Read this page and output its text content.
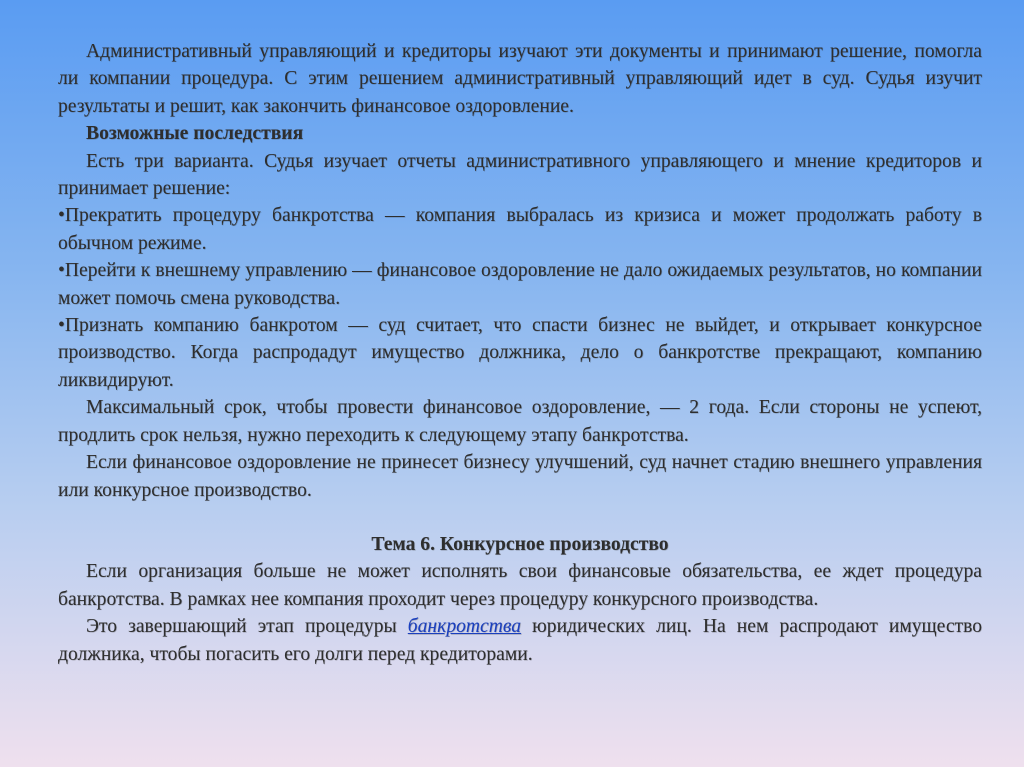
Административный управляющий и кредиторы изучают эти документы и принимают решение, помогла ли компании процедура. С этим решением административный управляющий идет в суд. Судья изучит результаты и решит, как закончить финансовое оздоровление.

Возможные последствия

Есть три варианта. Судья изучает отчеты административного управляющего и мнение кредиторов и принимает решение:

•Прекратить процедуру банкротства — компания выбралась из кризиса и может продолжать работу в обычном режиме.

•Перейти к внешнему управлению — финансовое оздоровление не дало ожидаемых результатов, но компании может помочь смена руководства.

•Признать компанию банкротом — суд считает, что спасти бизнес не выйдет, и открывает конкурсное производство. Когда распродадут имущество должника, дело о банкротстве прекращают, компанию ликвидируют.

Максимальный срок, чтобы провести финансовое оздоровление, — 2 года. Если стороны не успеют, продлить срок нельзя, нужно переходить к следующему этапу банкротства.

Если финансовое оздоровление не принесет бизнесу улучшений, суд начнет стадию внешнего управления или конкурсное производство.

Тема 6. Конкурсное производство

Если организация больше не может исполнять свои финансовые обязательства, ее ждет процедура банкротства. В рамках нее компания проходит через процедуру конкурсного производства.

Это завершающий этап процедуры банкротства юридических лиц. На нем распродают имущество должника, чтобы погасить его долги перед кредиторами.
